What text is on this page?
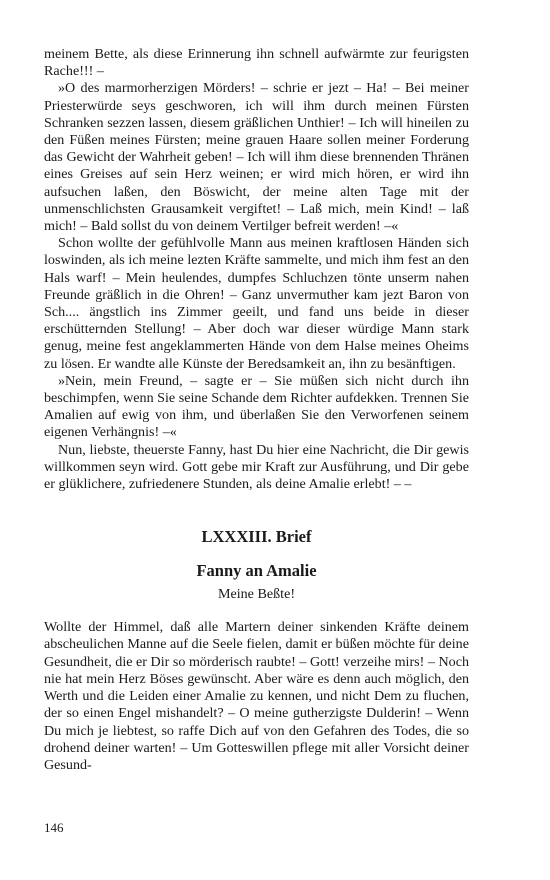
meinem Bette, als diese Erinnerung ihn schnell aufwärmte zur feurigsten Rache!!! –

»O des marmorherzigen Mörders! – schrie er jezt – Ha! – Bei meiner Priesterwürde seys geschworen, ich will ihm durch meinen Fürsten Schranken sezzen lassen, diesem gräßlichen Unthier! – Ich will hineilen zu den Füßen meines Fürsten; meine grauen Haare sollen meiner Forderung das Gewicht der Wahrheit geben! – Ich will ihm diese brennenden Thränen eines Greises auf sein Herz weinen; er wird mich hören, er wird ihn aufsuchen laßen, den Böswicht, der meine alten Tage mit der unmenschlichsten Grausamkeit vergiftet! – Laß mich, mein Kind! – laß mich! – Bald sollst du von deinem Vertilger befreit werden! –«

Schon wollte der gefühlvolle Mann aus meinen kraftlosen Händen sich loswinden, als ich meine lezten Kräfte sammelte, und mich ihm fest an den Hals warf! – Mein heulendes, dumpfes Schluchzen tönte unserm nahen Freunde gräßlich in die Ohren! – Ganz unvermuther kam jezt Baron von Sch.... ängstlich ins Zimmer geeilt, und fand uns beide in dieser erschütternden Stellung! – Aber doch war dieser würdige Mann stark genug, meine fest angeklammerten Hände von dem Halse meines Oheims zu lösen. Er wandte alle Künste der Beredsamkeit an, ihn zu besänftigen.

»Nein, mein Freund, – sagte er – Sie müßen sich nicht durch ihn beschimpfen, wenn Sie seine Schande dem Richter aufdekken. Trennen Sie Amalien auf ewig von ihm, und überlaßen Sie den Verworfenen seinem eigenen Verhängnis! –«

Nun, liebste, theuerste Fanny, hast Du hier eine Nachricht, die Dir gewis willkommen seyn wird. Gott gebe mir Kraft zur Ausführung, und Dir gebe er glüklichere, zufriedenere Stunden, als deine Amalie erlebt! – –

LXXXIII. Brief
Fanny an Amalie

Meine Beßte!

Wollte der Himmel, daß alle Martern deiner sinkenden Kräfte deinem abscheulichen Manne auf die Seele fielen, damit er büßen möchte für deine Gesundheit, die er Dir so mörderisch raubte! – Gott! verzeihe mirs! – Noch nie hat mein Herz Böses gewünscht. Aber wäre es denn auch möglich, den Werth und die Leiden einer Amalie zu kennen, und nicht Dem zu fluchen, der so einen Engel mishandelt? – O meine gutherzigste Dulderin! – Wenn Du mich je liebtest, so raffe Dich auf von den Gefahren des Todes, die so drohend deiner warten! – Um Gotteswillen pflege mit aller Vorsicht deiner Gesund-

146
